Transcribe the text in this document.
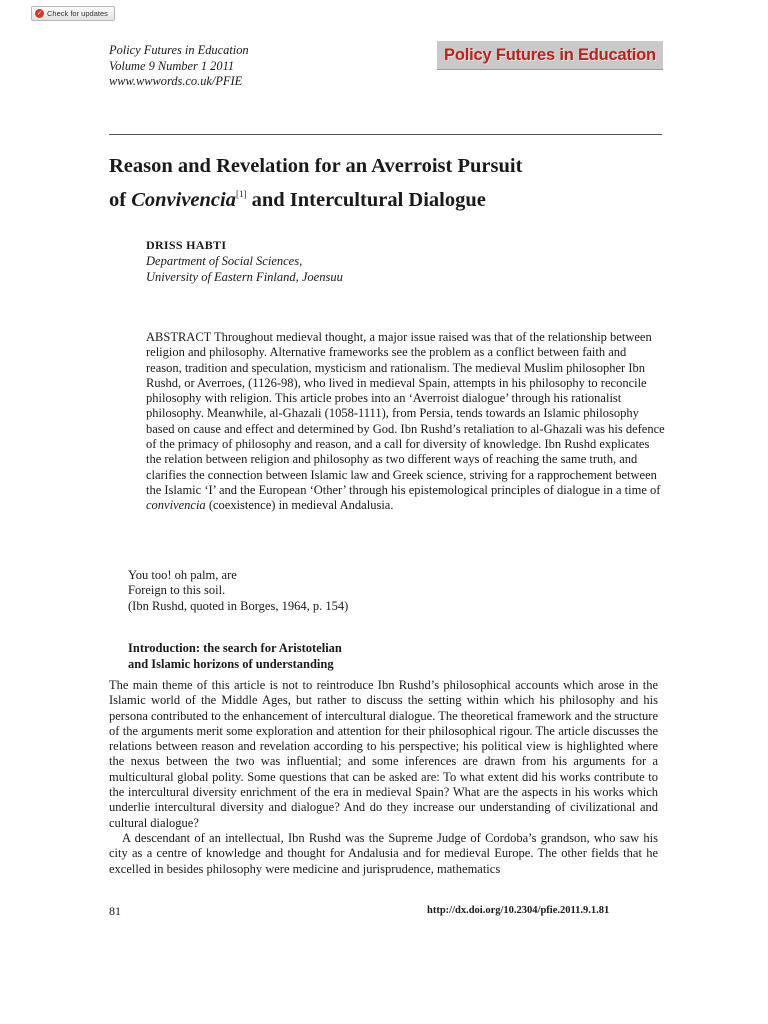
✓ Check for updates
Policy Futures in Education
Volume 9 Number 1 2011
www.wwwords.co.uk/PFIE
Policy Futures in Education
Reason and Revelation for an Averroist Pursuit
of Convivencia[1] and Intercultural Dialogue
DRISS HABTI
Department of Social Sciences,
University of Eastern Finland, Joensuu

ABSTRACT Throughout medieval thought, a major issue raised was that of the relationship between religion and philosophy. Alternative frameworks see the problem as a conflict between faith and reason, tradition and speculation, mysticism and rationalism. The medieval Muslim philosopher Ibn Rushd, or Averroes, (1126-98), who lived in medieval Spain, attempts in his philosophy to reconcile philosophy with religion. This article probes into an ‘Averroist dialogue’ through his rationalist philosophy. Meanwhile, al-Ghazali (1058-1111), from Persia, tends towards an Islamic philosophy based on cause and effect and determined by God. Ibn Rushd’s retaliation to al-Ghazali was his defence of the primacy of philosophy and reason, and a call for diversity of knowledge. Ibn Rushd explicates the relation between religion and philosophy as two different ways of reaching the same truth, and clarifies the connection between Islamic law and Greek science, striving for a rapprochement between the Islamic ‘I’ and the European ‘Other’ through his epistemological principles of dialogue in a time of convivencia (coexistence) in medieval Andalusia.

You too! oh palm, are
Foreign to this soil.
(Ibn Rushd, quoted in Borges, 1964, p. 154)
Introduction: the search for Aristotelian
and Islamic horizons of understanding

The main theme of this article is not to reintroduce Ibn Rushd’s philosophical accounts which arose in the Islamic world of the Middle Ages, but rather to discuss the setting within which his philosophy and his persona contributed to the enhancement of intercultural dialogue. The theoretical framework and the structure of the arguments merit some exploration and attention for their philosophical rigour. The article discusses the relations between reason and revelation according to his perspective; his political view is highlighted where the nexus between the two was influential; and some inferences are drawn from his arguments for a multicultural global polity. Some questions that can be asked are: To what extent did his works contribute to the intercultural diversity enrichment of the era in medieval Spain? What are the aspects in his works which underlie intercultural diversity and dialogue? And do they increase our understanding of civilizational and cultural dialogue?

A descendant of an intellectual, Ibn Rushd was the Supreme Judge of Cordoba’s grandson, who saw his city as a centre of knowledge and thought for Andalusia and for medieval Europe. The other fields that he excelled in besides philosophy were medicine and jurisprudence, mathematics

81	http://dx.doi.org/10.2304/pfie.2011.9.1.81
